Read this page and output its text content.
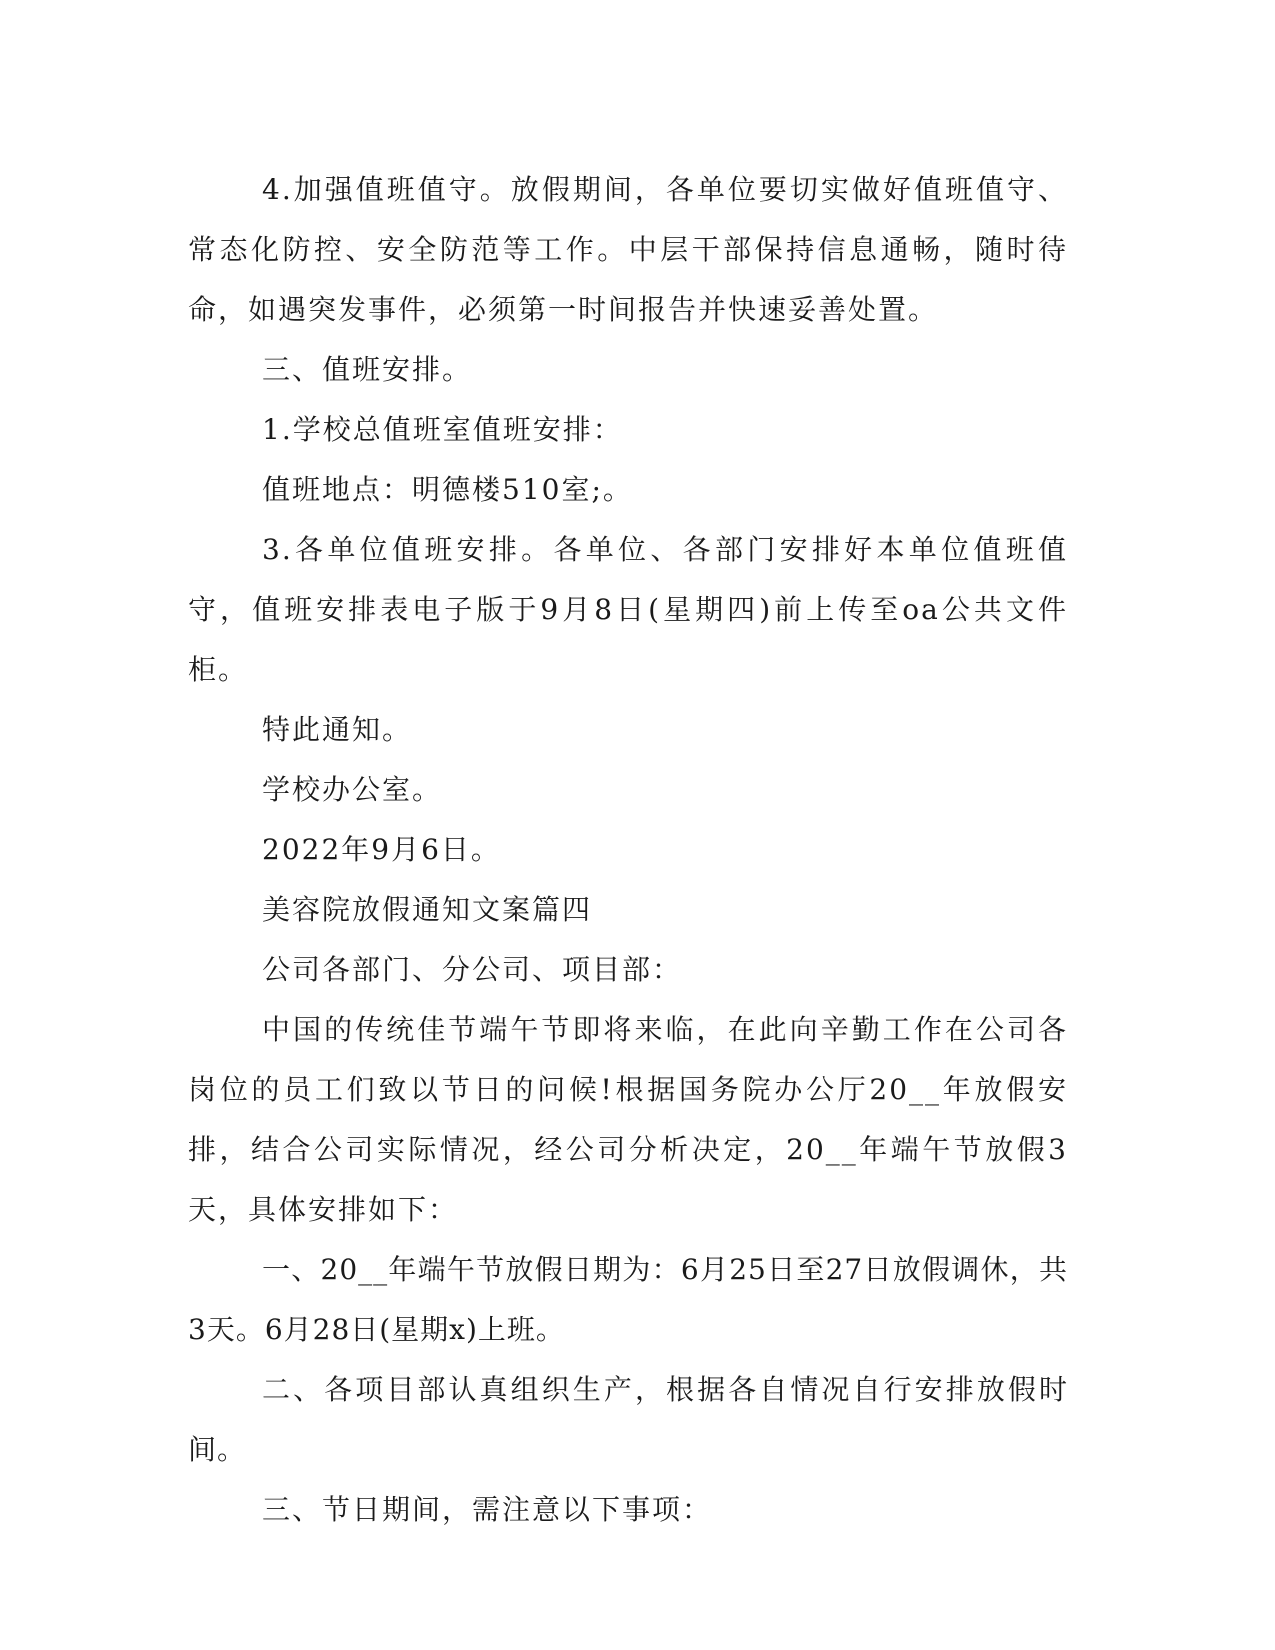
4.加强值班值守。放假期间，各单位要切实做好值班值守、常态化防控、安全防范等工作。中层干部保持信息通畅，随时待命，如遇突发事件，必须第一时间报告并快速妥善处置。

三、值班安排。

1.学校总值班室值班安排：

值班地点：明德楼510室;。

3.各单位值班安排。各单位、各部门安排好本单位值班值守，值班安排表电子版于9月8日(星期四)前上传至oa公共文件柜。

特此通知。

学校办公室。

2022年9月6日。

美容院放假通知文案篇四

公司各部门、分公司、项目部：

中国的传统佳节端午节即将来临，在此向辛勤工作在公司各岗位的员工们致以节日的问候!根据国务院办公厅20__年放假安排，结合公司实际情况，经公司分析决定，20__年端午节放假3天，具体安排如下：

一、20__年端午节放假日期为：6月25日至27日放假调休，共3天。6月28日(星期x)上班。

二、各项目部认真组织生产，根据各自情况自行安排放假时间。

三、节日期间，需注意以下事项：
